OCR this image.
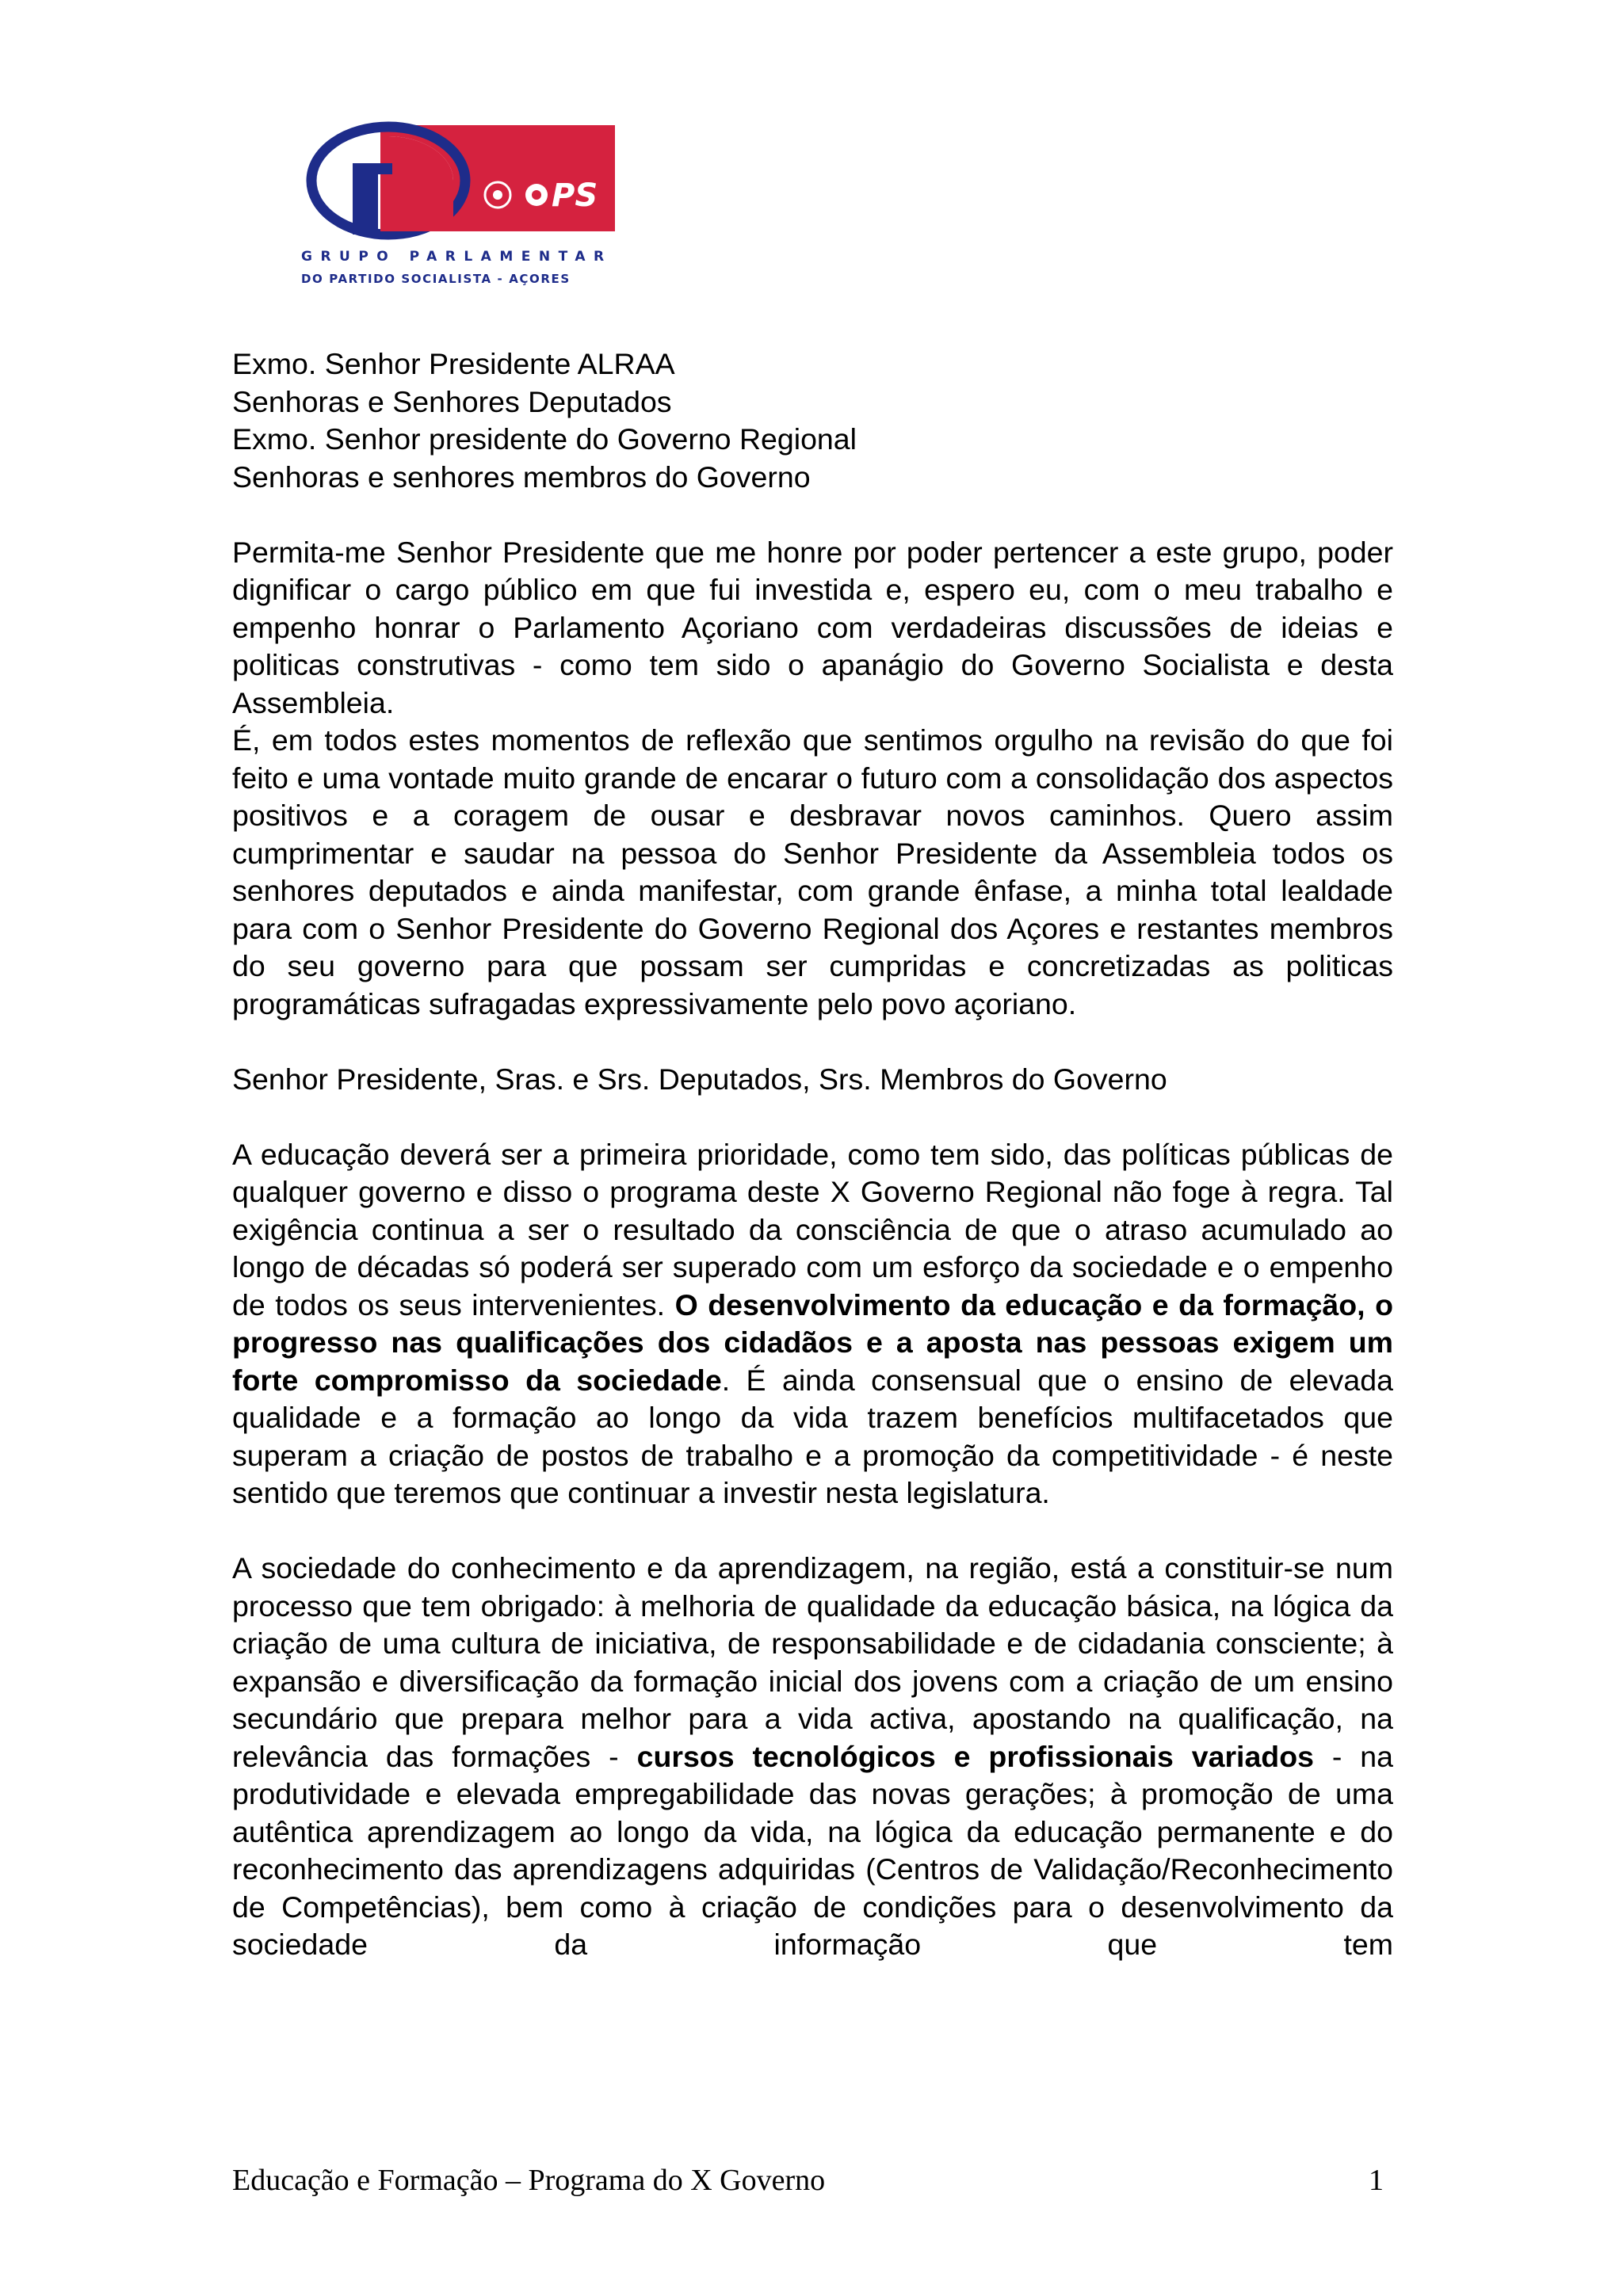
PS
GRUPO PARLAMENTAR
DO PARTIDO SOCIALISTA - AÇORES
Exmo. Senhor Presidente ALRAA
Senhoras e Senhores Deputados
Exmo. Senhor presidente do Governo Regional
Senhoras e senhores membros do Governo

Permita-me Senhor Presidente que me honre por poder pertencer a este grupo, poder dignificar o cargo público em que fui investida e, espero eu, com o meu trabalho e empenho honrar o Parlamento Açoriano com verdadeiras discussões de ideias e politicas construtivas - como tem sido o apanágio do Governo Socialista e desta Assembleia.

É, em todos estes momentos de reflexão que sentimos orgulho na revisão do que foi feito e uma vontade muito grande de encarar o futuro com a consolidação dos aspectos positivos e a coragem de ousar e desbravar novos caminhos. Quero assim cumprimentar e saudar na pessoa do Senhor Presidente da Assembleia todos os senhores deputados e ainda manifestar, com grande ênfase, a minha total lealdade para com o Senhor Presidente do Governo Regional dos Açores e restantes membros do seu governo para que possam ser cumpridas e concretizadas as politicas programáticas sufragadas expressivamente pelo povo açoriano.

Senhor Presidente, Sras. e Srs. Deputados, Srs. Membros do Governo

A educação deverá ser a primeira prioridade, como tem sido, das políticas públicas de qualquer governo e disso o programa deste X Governo Regional não foge à regra. Tal exigência continua a ser o resultado da consciência de que o atraso acumulado ao longo de décadas só poderá ser superado com um esforço da sociedade e o empenho de todos os seus intervenientes. O desenvolvimento da educação e da formação, o progresso nas qualificações dos cidadãos e a aposta nas pessoas exigem um forte compromisso da sociedade. É ainda consensual que o ensino de elevada qualidade e a formação ao longo da vida trazem benefícios multifacetados que superam a criação de postos de trabalho e a promoção da competitividade - é neste sentido que teremos que continuar a investir nesta legislatura.

A sociedade do conhecimento e da aprendizagem, na região, está a constituir-se num processo que tem obrigado: à melhoria de qualidade da educação básica, na lógica da criação de uma cultura de iniciativa, de responsabilidade e de cidadania consciente; à expansão e diversificação da formação inicial dos jovens com a criação de um ensino secundário que prepara melhor para a vida activa, apostando na qualificação, na relevância das formações - cursos tecnológicos e profissionais variados - na produtividade e elevada empregabilidade das novas gerações; à promoção de uma autêntica aprendizagem ao longo da vida, na lógica da educação permanente e do reconhecimento das aprendizagens adquiridas (Centros de Validação/Reconhecimento de Competências), bem como à criação de condições para o desenvolvimento da sociedade da informação que tem

Educação e Formação – Programa do X Governo	1
